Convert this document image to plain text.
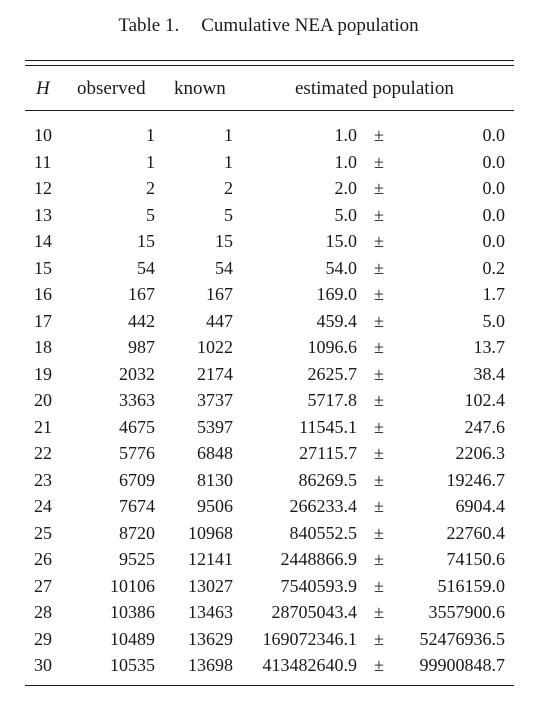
Table 1. Cumulative NEA population
H observed known	estimated population
10	1	1	1.0 ±	0.0
11	1	1	1.0 ±	0.0
12	2	2	2.0 ±	0.0
13	5	5	5.0 ±	0.0
14	15	15	15.0 ±	0.0
15	54	54	54.0 ±	0.2
16	167	167	169.0 ±	1.7
17	442	447	459.4 ±	5.0
18	987 1022	1096.6 ±	13.7
19	2032 2174	2625.7 ±	38.4
20	3363 3737	5717.8 ±	102.4
21	4675 5397	11545.1 ±	247.6
22	5776 6848	27115.7 ±	2206.3
23	6709 8130	86269.5 ±	19246.7
24	7674 9506	266233.4 ±	6904.4
25	8720 10968	840552.5 ±	22760.4
26	9525 12141	2448866.9 ±	74150.6
27	10106 13027	7540593.9 ±	516159.0
28	10386 13463 28705043.4 ± 3557900.6
29	10489 13629 169072346.1 ± 52476936.5
30	10535 13698 413482640.9 ± 99900848.7
